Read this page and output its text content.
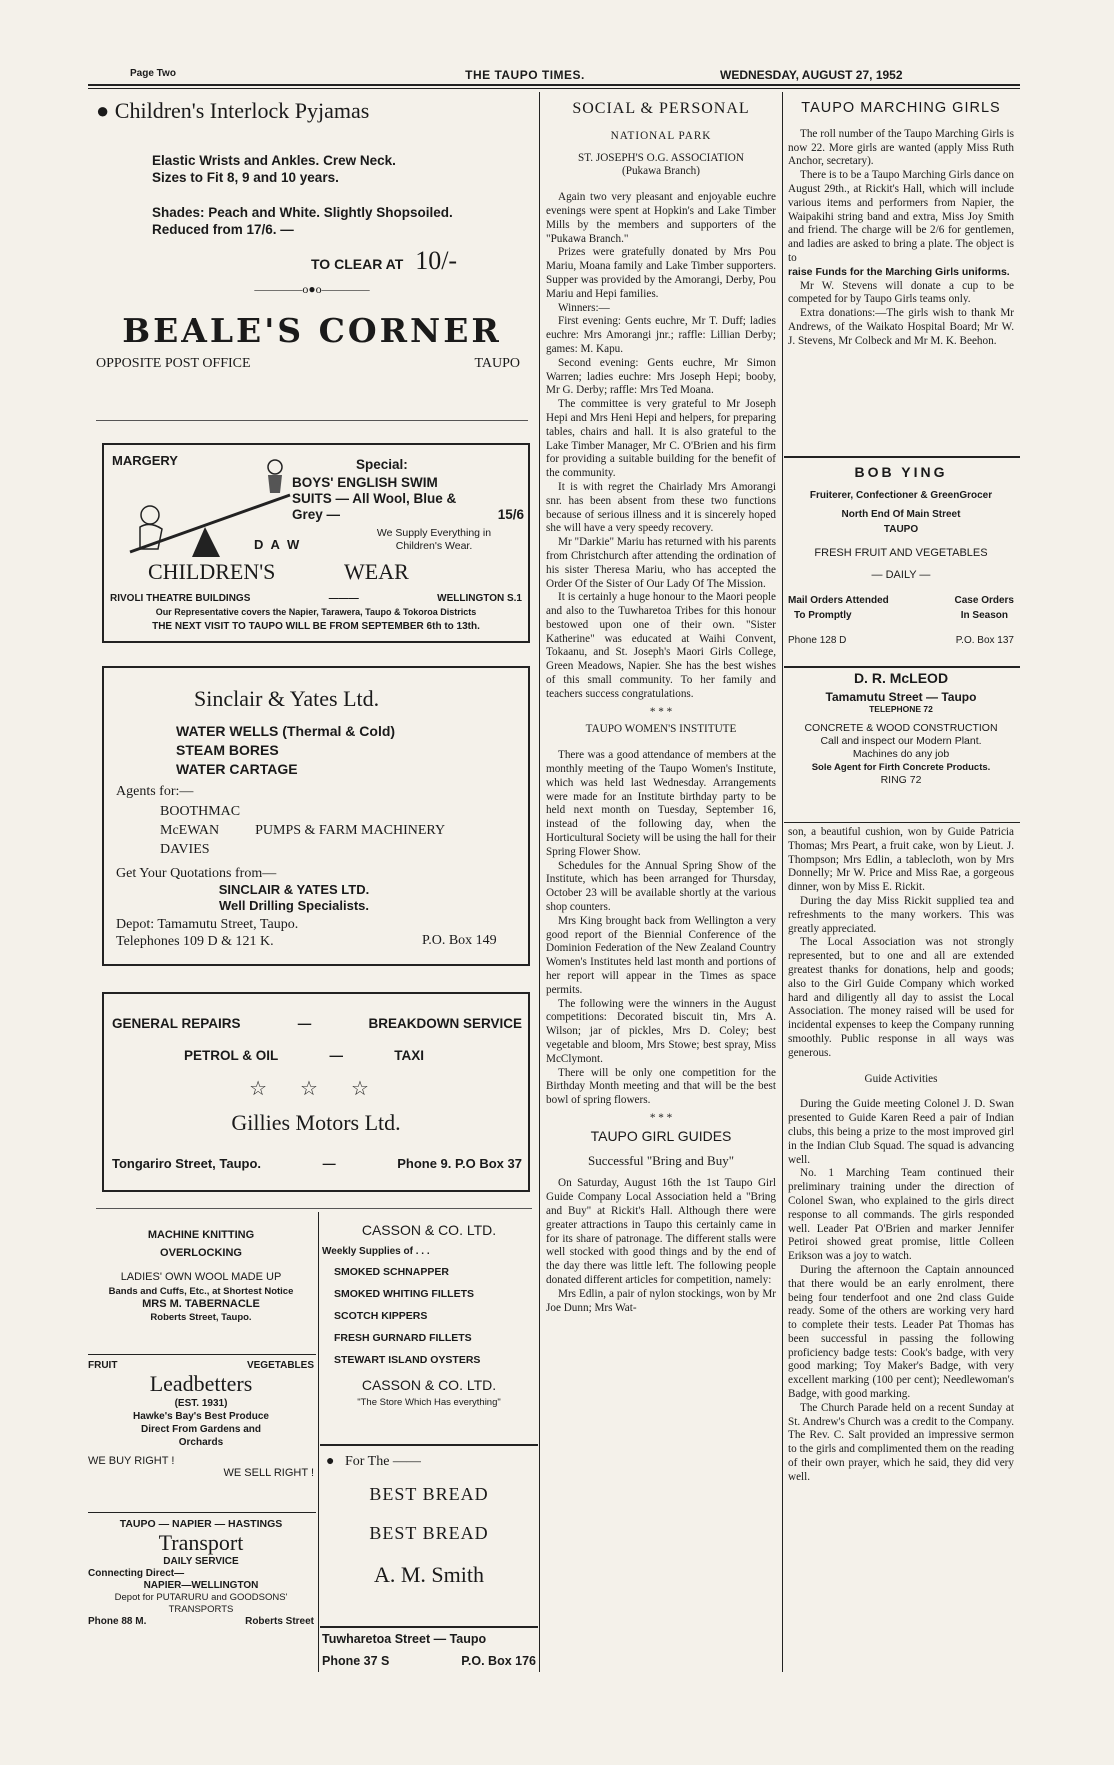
Page Two	THE TAUPO TIMES.	WEDNESDAY, AUGUST 27, 1952
● Children's Interlock Pyjamas
Elastic Wrists and Ankles. Crew Neck.
Sizes to Fit 8, 9 and 10 years.
Shades: Peach and White. Slightly Shopsoiled.
Reduced from 17/6. —
TO CLEAR AT 10/-
————o●o————
BEALE'S CORNER
OPPOSITE POST OFFICE	TAUPO
MARGERY	Special:
BOYS' ENGLISH SWIM
SUITS — All Wool, Blue &
Grey —	15/6
D A W
We Supply Everything in
Children's Wear.
CHILDREN'S	WEAR
RIVOLI THEATRE BUILDINGS	———	WELLINGTON S.1
Our Representative covers the Napier, Tarawera, Taupo & Tokoroa Districts
THE NEXT VISIT TO TAUPO WILL BE FROM SEPTEMBER 6th to 13th.
Sinclair & Yates Ltd.
WATER WELLS (Thermal & Cold)
STEAM BORES
WATER CARTAGE
Agents for:—
BOOTHMAC
McEWAN	PUMPS & FARM MACHINERY
DAVIES
Get Your Quotations from—
SINCLAIR & YATES LTD.
Well Drilling Specialists.
Depot: Tamamutu Street, Taupo.
Telephones 109 D & 121 K.	P.O. Box 149
GENERAL REPAIRS	—	BREAKDOWN SERVICE
PETROL & OIL	—	TAXI
☆ ☆ ☆
Gillies Motors Ltd.
Tongariro Street, Taupo.	—	Phone 9. P.O Box 37
MACHINE KNITTING
OVERLOCKING
LADIES' OWN WOOL MADE UP
Bands and Cuffs, Etc., at Shortest Notice
MRS M. TABERNACLE
Roberts Street, Taupo.
FRUIT	VEGETABLES
Leadbetters
(EST. 1931)
Hawke's Bay's Best Produce
Direct From Gardens and
Orchards
WE BUY RIGHT !
WE SELL RIGHT !
TAUPO — NAPIER — HASTINGS
Transport
DAILY SERVICE
Connecting Direct—
NAPIER—WELLINGTON
Depot for PUTARURU and GOODSONS'
TRANSPORTS
Phone 88 M.	Roberts Street
CASSON & CO. LTD.
Weekly Supplies of . . .
SMOKED SCHNAPPER
SMOKED WHITING FILLETS
SCOTCH KIPPERS
FRESH GURNARD FILLETS
STEWART ISLAND OYSTERS
CASSON & CO. LTD.
"The Store Which Has everything"
● For The ——
BEST BREAD
BEST BREAD
A. M. Smith
Tuwharetoa Street — Taupo
Phone 37 S	P.O. Box 176
SOCIAL & PERSONAL
NATIONAL PARK
ST. JOSEPH'S O.G. ASSOCIATION
(Pukawa Branch)

Again two very pleasant and enjoyable euchre evenings were spent at Hopkin's and Lake Timber Mills by the members and supporters of the "Pukawa Branch."

Prizes were gratefully donated by Mrs Pou Mariu, Moana family and Lake Timber supporters. Supper was provided by the Amorangi, Derby, Pou Mariu and Hepi families.

Winners:—

First evening: Gents euchre, Mr T. Duff; ladies euchre: Mrs Amorangi jnr.; raffle: Lillian Derby; games: M. Kapu.

Second evening: Gents euchre, Mr Simon Warren; ladies euchre: Mrs Joseph Hepi; booby, Mr G. Derby; raffle: Mrs Ted Moana.

The committee is very grateful to Mr Joseph Hepi and Mrs Heni Hepi and helpers, for preparing tables, chairs and hall. It is also grateful to the Lake Timber Manager, Mr C. O'Brien and his firm for providing a suitable building for the benefit of the community.

It is with regret the Chairlady Mrs Amorangi snr. has been absent from these two functions because of serious illness and it is sincerely hoped she will have a very speedy recovery.

Mr "Darkie" Mariu has returned with his parents from Christchurch after attending the ordination of his sister Theresa Mariu, who has accepted the Order Of the Sister of Our Lady Of The Mission.

It is certainly a huge honour to the Maori people and also to the Tuwharetoa Tribes for this honour bestowed upon one of their own. "Sister Katherine" was educated at Waihi Convent, Tokaanu, and St. Joseph's Maori Girls College, Green Meadows, Napier. She has the best wishes of this small community. To her family and teachers success congratulations.

* * *
TAUPO WOMEN'S INSTITUTE

There was a good attendance of members at the monthly meeting of the Taupo Women's Institute, which was held last Wednesday. Arrangements were made for an Institute birthday party to be held next month on Tuesday, September 16, instead of the following day, when the Horticultural Society will be using the hall for their Spring Flower Show.

Schedules for the Annual Spring Show of the Institute, which has been arranged for Thursday, October 23 will be available shortly at the various shop counters.

Mrs King brought back from Wellington a very good report of the Biennial Conference of the Dominion Federation of the New Zealand Country Women's Institutes held last month and portions of her report will appear in the Times as space permits.

The following were the winners in the August competitions: Decorated biscuit tin, Mrs A. Wilson; jar of pickles, Mrs D. Coley; best vegetable and bloom, Mrs Stowe; best spray, Miss McClymont.

There will be only one competition for the Birthday Month meeting and that will be the best bowl of spring flowers.

* * *
TAUPO GIRL GUIDES
Successful "Bring and Buy"

On Saturday, August 16th the 1st Taupo Girl Guide Company Local Association held a "Bring and Buy" at Rickit's Hall. Although there were greater attractions in Taupo this certainly came in for its share of patronage. The different stalls were well stocked with good things and by the end of the day there was little left. The following people donated different articles for competition, namely:

Mrs Edlin, a pair of nylon stockings, won by Mr Joe Dunn; Mrs Wat-

TAUPO MARCHING GIRLS

The roll number of the Taupo Marching Girls is now 22. More girls are wanted (apply Miss Ruth Anchor, secretary).

There is to be a Taupo Marching Girls dance on August 29th., at Rickit's Hall, which will include various items and performers from Napier, the Waipakihi string band and extra, Miss Joy Smith and friend. The charge will be 2/6 for gentlemen, and ladies are asked to bring a plate. The object is to

raise Funds for the Marching Girls uniforms.

Mr W. Stevens will donate a cup to be competed for by Taupo Girls teams only.

Extra donations:—The girls wish to thank Mr Andrews, of the Waikato Hospital Board; Mr W. J. Stevens, Mr Colbeck and Mr M. K. Beehon.

BOB YING
Fruiterer, Confectioner & GreenGrocer
North End Of Main Street
TAUPO
FRESH FRUIT AND VEGETABLES
— DAILY —
Mail Orders Attended	Case Orders
To Promptly	In Season
Phone 128 D	P.O. Box 137
D. R. McLEOD
Tamamutu Street — Taupo
TELEPHONE 72
CONCRETE & WOOD CONSTRUCTION
Call and inspect our Modern Plant.
Machines do any job
Sole Agent for Firth Concrete Products.
RING 72

son, a beautiful cushion, won by Guide Patricia Thomas; Mrs Peart, a fruit cake, won by Lieut. J. Thompson; Mrs Edlin, a tablecloth, won by Mrs Donnelly; Mr W. Price and Miss Rae, a gorgeous dinner, won by Miss E. Rickit.

During the day Miss Rickit supplied tea and refreshments to the many workers. This was greatly appreciated.

The Local Association was not strongly represented, but to one and all are extended greatest thanks for donations, help and goods; also to the Girl Guide Company which worked hard and diligently all day to assist the Local Association. The money raised will be used for incidental expenses to keep the Company running smoothly. Public response in all ways was generous.

Guide Activities

During the Guide meeting Colonel J. D. Swan presented to Guide Karen Reed a pair of Indian clubs, this being a prize to the most improved girl in the Indian Club Squad. The squad is advancing well.

No. 1 Marching Team continued their preliminary training under the direction of Colonel Swan, who explained to the girls direct response to all commands. The girls responded well. Leader Pat O'Brien and marker Jennifer Petiroi showed great promise, little Colleen Erikson was a joy to watch.

During the afternoon the Captain announced that there would be an early enrolment, there being four tenderfoot and one 2nd class Guide ready. Some of the others are working very hard to complete their tests. Leader Pat Thomas has been successful in passing the following proficiency badge tests: Cook's badge, with very good marking; Toy Maker's Badge, with very excellent marking (100 per cent); Needlewoman's Badge, with good marking.

The Church Parade held on a recent Sunday at St. Andrew's Church was a credit to the Company. The Rev. C. Salt provided an impressive sermon to the girls and complimented them on the reading of their own prayer, which he said, they did very well.
